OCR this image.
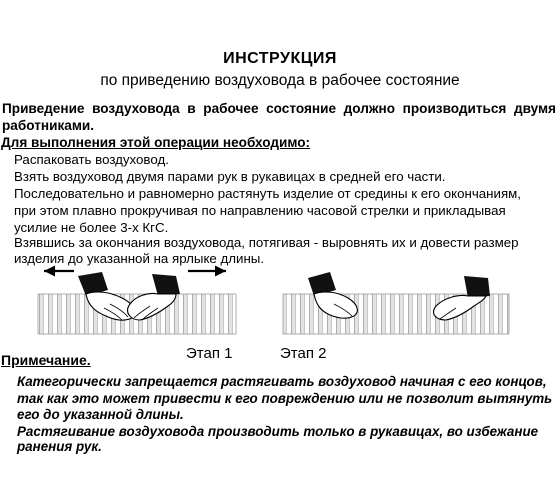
ИНСТРУКЦИЯ
по приведению воздуховода в рабочее состояние
Приведение воздуховода в рабочее состояние должно производиться двумя работниками.
Для выполнения этой операции необходимо:
Распаковать воздуховод.
Взять воздуховод двумя парами рук в рукавицах в средней его части.
Последовательно и равномерно растянуть изделие от средины к его окончаниям,
при этом плавно прокручивая по направлению часовой стрелки и прикладывая
усилие не более 3-х КгС.
Взявшись за окончания воздуховода, потягивая - выровнять их и довести размер
изделия до указанной на ярлыке длины.
Этап 1	Этап 2
Примечание.
Категорически запрещается растягивать воздуховод начиная с его концов,
так как это может привести к его повреждению или не позволит вытянуть
его до указанной длины.
Растягивание воздуховода производить только в рукавицах, во избежание
ранения рук.
